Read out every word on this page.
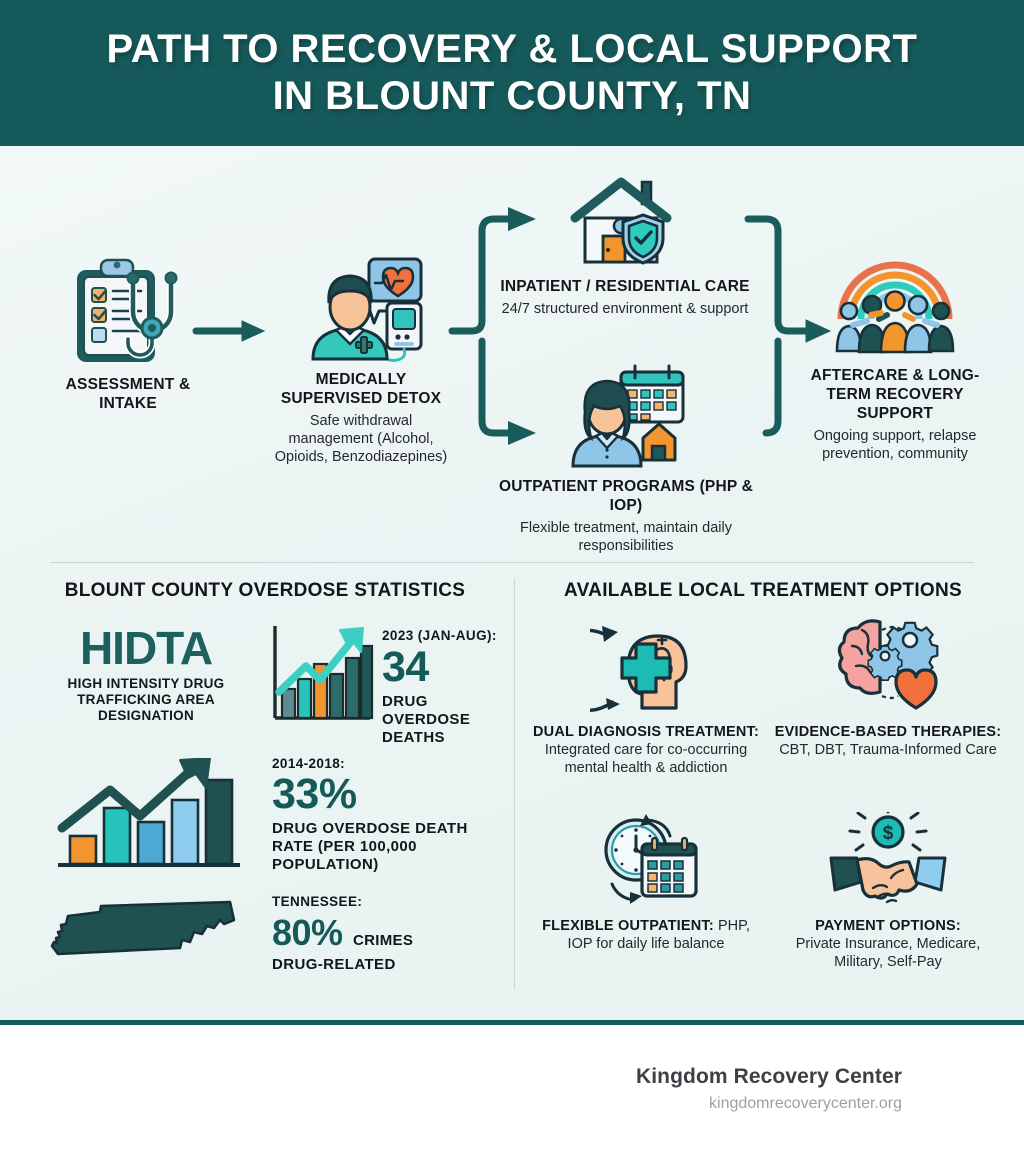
PATH TO RECOVERY & LOCAL SUPPORT IN BLOUNT COUNTY, TN
ASSESSMENT & INTAKE
MEDICALLY SUPERVISED DETOX
Safe withdrawal management (Alcohol, Opioids, Benzodiazepines)
INPATIENT / RESIDENTIAL CARE
24/7 structured environment & support
OUTPATIENT PROGRAMS (PHP & IOP)
Flexible treatment, maintain daily responsibilities
AFTERCARE & LONG-TERM RECOVERY SUPPORT
Ongoing support, relapse prevention, community
BLOUNT COUNTY OVERDOSE STATISTICS
HIDTA
HIGH INTENSITY DRUG TRAFFICKING AREA DESIGNATION
2023 (JAN-AUG):
34
DRUG OVERDOSE DEATHS
2014-2018:
33%
DRUG OVERDOSE DEATH RATE (PER 100,000 POPULATION)
TENNESSEE:
80% CRIMES
DRUG-RELATED
AVAILABLE LOCAL TREATMENT OPTIONS
DUAL DIAGNOSIS TREATMENT: Integrated care for co-occurring mental health & addiction
EVIDENCE-BASED THERAPIES: CBT, DBT, Trauma-Informed Care
FLEXIBLE OUTPATIENT: PHP, IOP for daily life balance
$
PAYMENT OPTIONS:
Private Insurance, Medicare, Military, Self-Pay
Kingdom Recovery Center
kingdomrecoverycenter.org
